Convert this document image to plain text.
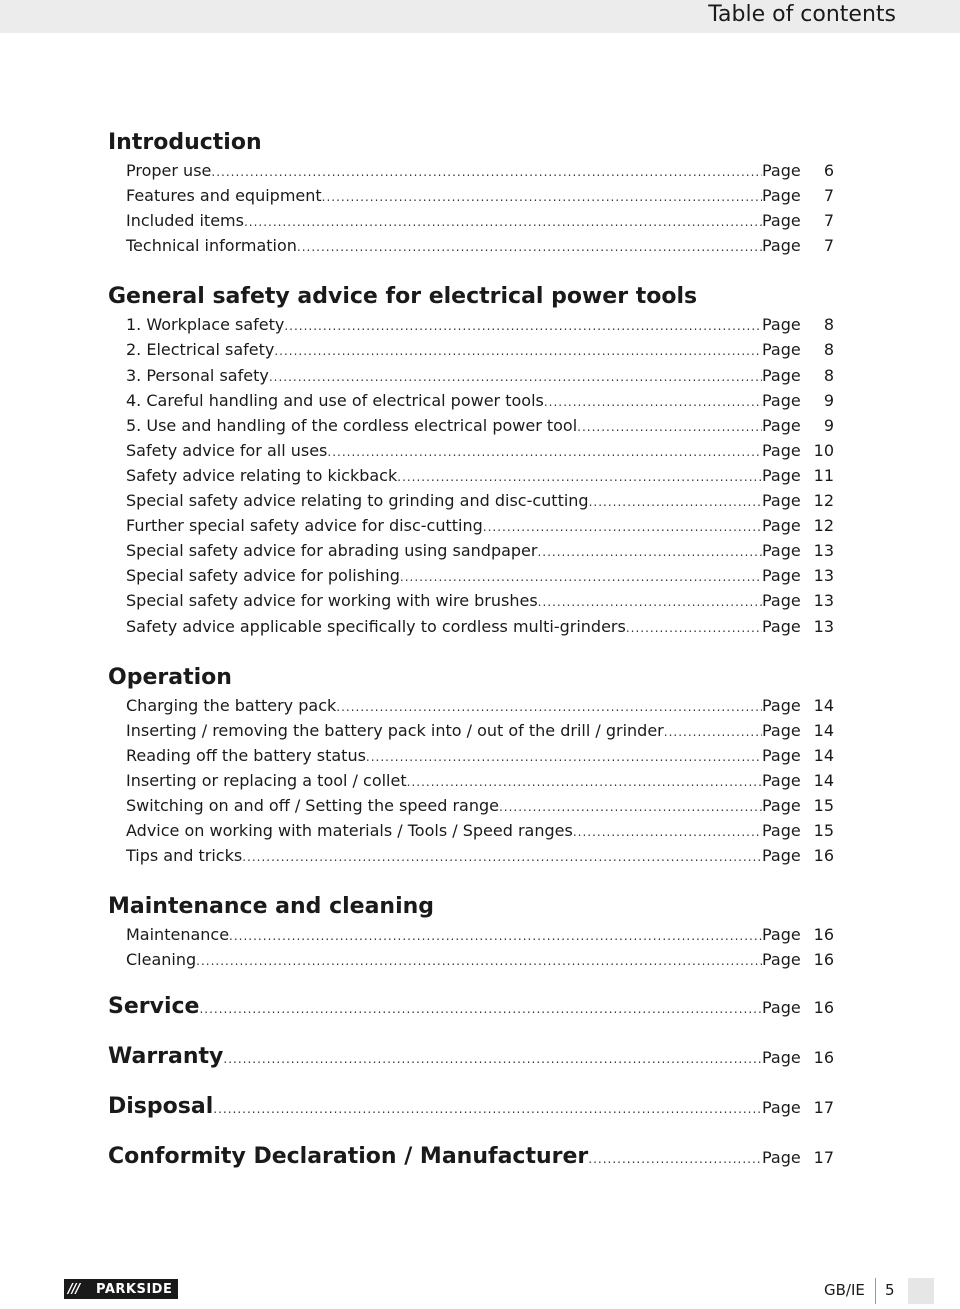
Table of contents
Introduction
Proper use .....	Page	6
Features and equipment .....	Page	7
Included items .....	Page	7
Technical information .....	Page	7
General safety advice for electrical power tools
1. Workplace safety .....	Page	8
2. Electrical safety .....	Page	8
3. Personal safety .....	Page	8
4. Careful handling and use of electrical power tools .....	Page	9
5. Use and handling of the cordless electrical power tool .....	Page	9
Safety advice for all uses .....	Page 10
Safety advice relating to kickback .....	Page 11
Special safety advice relating to grinding and disc-cutting .....	Page 12
Further special safety advice for disc-cutting .....	Page 12
Special safety advice for abrading using sandpaper .....	Page 13
Special safety advice for polishing .....	Page 13
Special safety advice for working with wire brushes .....	Page 13
Safety advice applicable specifically to cordless multi-grinders .....	Page 13
Operation
Charging the battery pack .....	Page 14
Inserting / removing the battery pack into / out of the drill / grinder .....	Page 14
Reading off the battery status .....	Page 14
Inserting or replacing a tool / collet .....	Page 14
Switching on and off / Setting the speed range .....	Page 15
Advice on working with materials / Tools / Speed ranges .....	Page 15
Tips and tricks .....	Page 16
Maintenance and cleaning
Maintenance .....	Page 16
Cleaning .....	Page 16
Service .....	Page 16
Warranty .....	Page 16
Disposal .....	Page 17
Conformity Declaration / Manufacturer .....	Page 17
///	PARKSIDE	GB/IE 5
